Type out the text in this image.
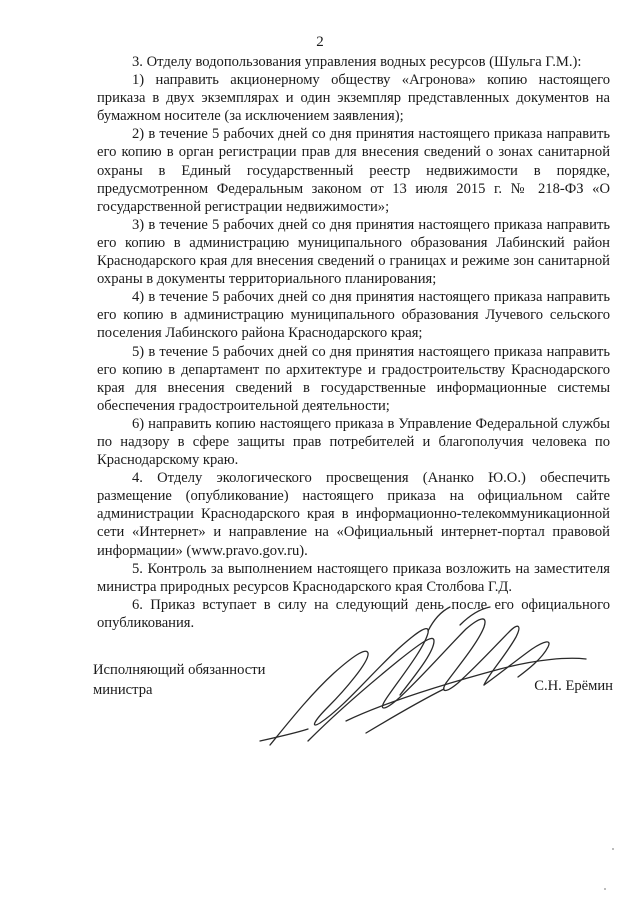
2

3. Отделу водопользования управления водных ресурсов (Шульга Г.М.):

1) направить акционерному обществу «Агронова» копию настоящего приказа в двух экземплярах и один экземпляр представленных документов на бумажном носителе (за исключением заявления);

2) в течение 5 рабочих дней со дня принятия настоящего приказа направить его копию в орган регистрации прав для внесения сведений о зонах санитарной охраны в Единый государственный реестр недвижимости в порядке, предусмотренном Федеральным законом от 13 июля 2015 г. № 218-ФЗ «О государственной регистрации недвижимости»;

3) в течение 5 рабочих дней со дня принятия настоящего приказа направить его копию в администрацию муниципального образования Лабинский район Краснодарского края для внесения сведений о границах и режиме зон санитарной охраны в документы территориального планирования;

4) в течение 5 рабочих дней со дня принятия настоящего приказа направить его копию в администрацию муниципального образования Лучевого сельского поселения Лабинского района Краснодарского края;

5) в течение 5 рабочих дней со дня принятия настоящего приказа направить его копию в департамент по архитектуре и градостроительству Краснодарского края для внесения сведений в государственные информационные системы обеспечения градостроительной деятельности;

6) направить копию настоящего приказа в Управление Федеральной службы по надзору в сфере защиты прав потребителей и благополучия человека по Краснодарскому краю.

4. Отделу экологического просвещения (Ананко Ю.О.) обеспечить размещение (опубликование) настоящего приказа на официальном сайте администрации Краснодарского края в информационно-телекоммуникационной сети «Интернет» и направление на «Официальный интернет-портал правовой информации» (www.pravo.gov.ru).

5. Контроль за выполнением настоящего приказа возложить на заместителя министра природных ресурсов Краснодарского края Столбова Г.Д.

6. Приказ вступает в силу на следующий день после его официального опубликования.

Исполняющий обязанности
министра	С.Н. Ерёмин
